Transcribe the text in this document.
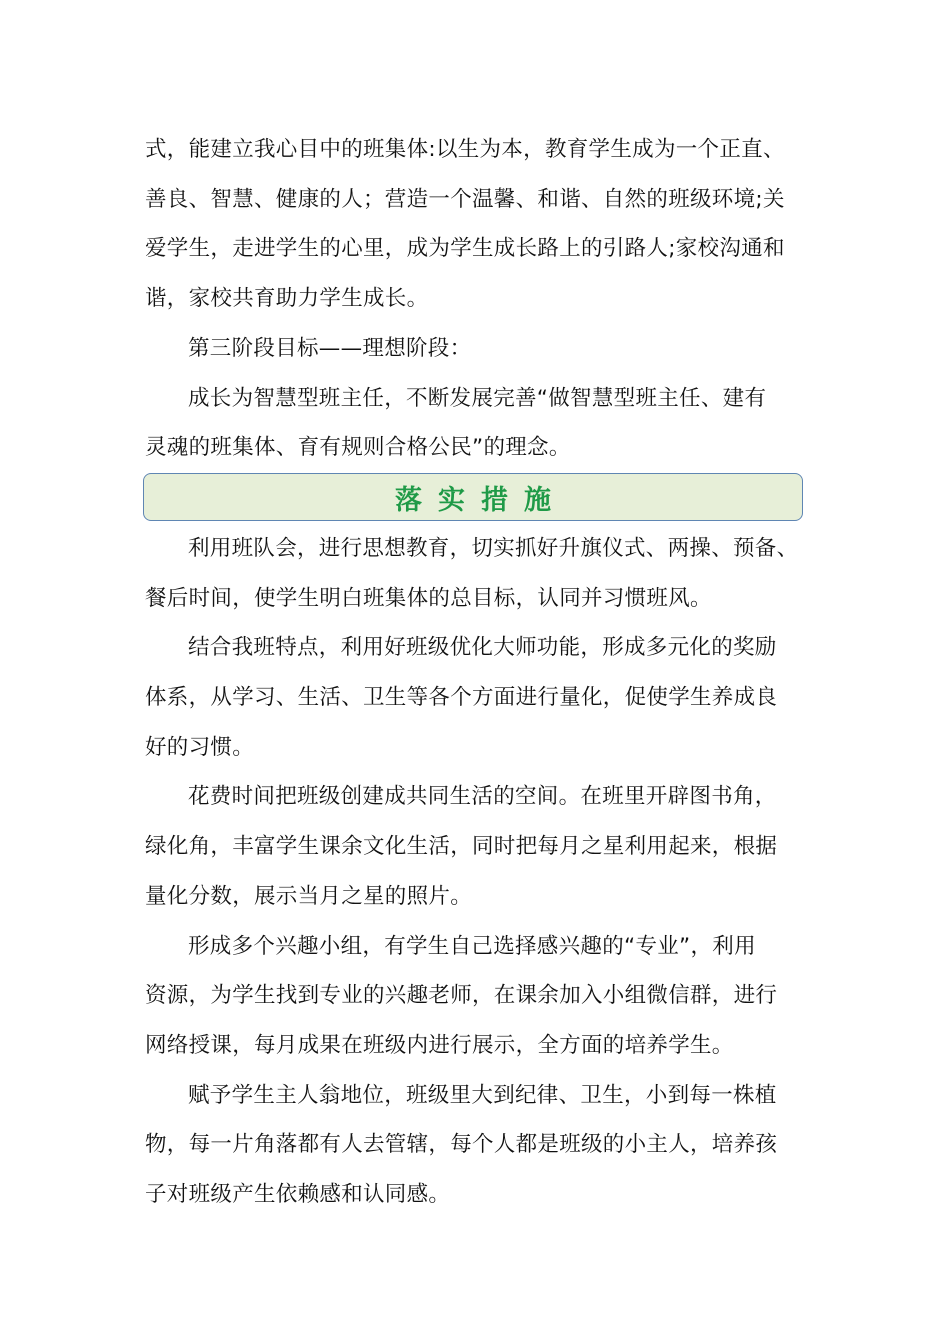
式，能建立我心目中的班集体:以生为本，教育学生成为一个正直、
善良、智慧、健康的人；营造一个温馨、和谐、自然的班级环境;关
爱学生，走进学生的心里，成为学生成长路上的引路人;家校沟通和
谐，家校共育助力学生成长。
第三阶段目标——理想阶段：
成长为智慧型班主任，不断发展完善“做智慧型班主任、建有
灵魂的班集体、育有规则合格公民”的理念。
落实措施
利用班队会，进行思想教育，切实抓好升旗仪式、两操、预备、
餐后时间，使学生明白班集体的总目标，认同并习惯班风。
结合我班特点，利用好班级优化大师功能，形成多元化的奖励
体系，从学习、生活、卫生等各个方面进行量化，促使学生养成良
好的习惯。
花费时间把班级创建成共同生活的空间。在班里开辟图书角，
绿化角，丰富学生课余文化生活，同时把每月之星利用起来，根据
量化分数，展示当月之星的照片。
形成多个兴趣小组，有学生自己选择感兴趣的“专业”，利用
资源，为学生找到专业的兴趣老师，在课余加入小组微信群，进行
网络授课，每月成果在班级内进行展示，全方面的培养学生。
赋予学生主人翁地位，班级里大到纪律、卫生，小到每一株植
物，每一片角落都有人去管辖，每个人都是班级的小主人，培养孩
子对班级产生依赖感和认同感。
